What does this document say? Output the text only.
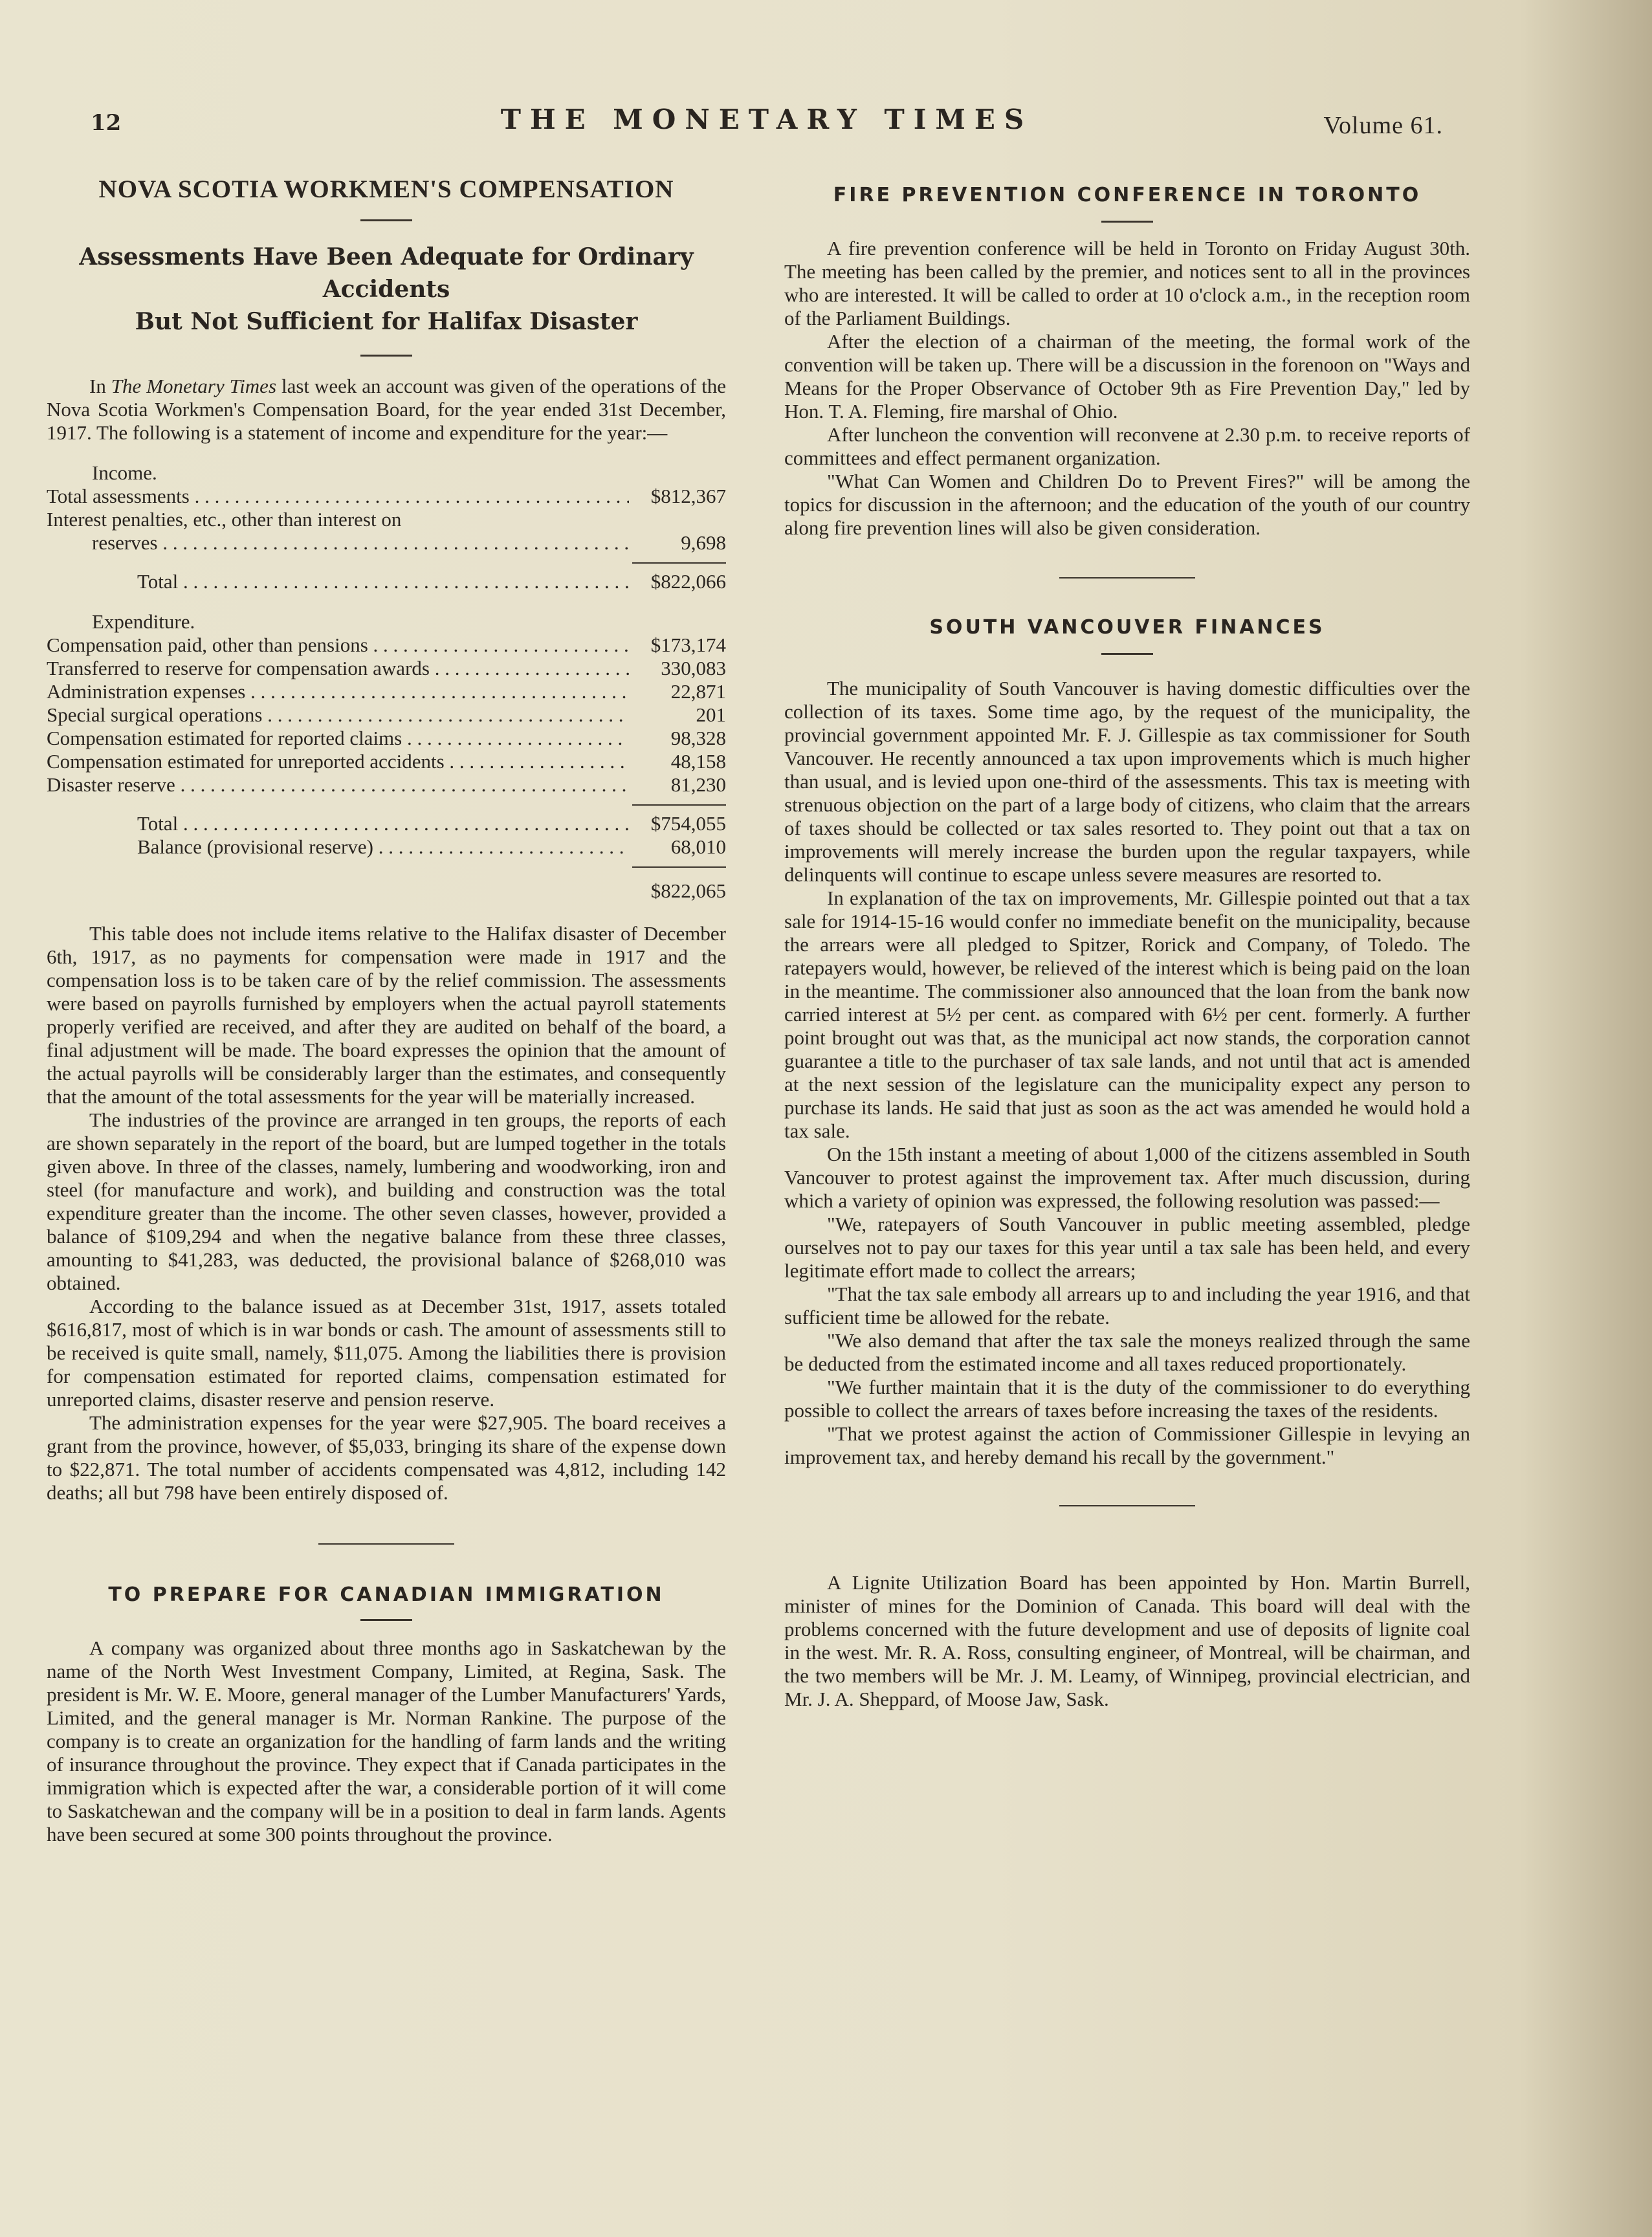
12	THE MONETARY TIMES	Volume 61.
NOVA SCOTIA WORKMEN'S COMPENSATION
Assessments Have Been Adequate for Ordinary Accidents
But Not Sufficient for Halifax Disaster

In The Monetary Times last week an account was given of the operations of the Nova Scotia Workmen's Compensation Board, for the year ended 31st December, 1917. The following is a statement of income and expenditure for the year:—

Income.
Total assessments . . .	$812,367
Interest penalties, etc., other than interest on
reserves . . .	9,698
Total . . .	$822,066
Expenditure.
Compensation paid, other than pensions . . .	$173,174
Transferred to reserve for compensation awards . . .	330,083
Administration expenses . . .	22,871
Special surgical operations . . .	201
Compensation estimated for reported claims . . .	98,328
Compensation estimated for unreported accidents . . .	48,158
Disaster reserve . . .	81,230
Total . . .	$754,055
Balance (provisional reserve) . . .	68,010
$822,065

This table does not include items relative to the Halifax disaster of December 6th, 1917, as no payments for compensation were made in 1917 and the compensation loss is to be taken care of by the relief commission. The assessments were based on payrolls furnished by employers when the actual payroll statements properly verified are received, and after they are audited on behalf of the board, a final adjustment will be made. The board expresses the opinion that the amount of the actual payrolls will be considerably larger than the estimates, and consequently that the amount of the total assessments for the year will be materially increased.

The industries of the province are arranged in ten groups, the reports of each are shown separately in the report of the board, but are lumped together in the totals given above. In three of the classes, namely, lumbering and woodworking, iron and steel (for manufacture and work), and building and construction was the total expenditure greater than the income. The other seven classes, however, provided a balance of $109,294 and when the negative balance from these three classes, amounting to $41,283, was deducted, the provisional balance of $268,010 was obtained.

According to the balance issued as at December 31st, 1917, assets totaled $616,817, most of which is in war bonds or cash. The amount of assessments still to be received is quite small, namely, $11,075. Among the liabilities there is provision for compensation estimated for reported claims, compensation estimated for unreported claims, disaster reserve and pension reserve.

The administration expenses for the year were $27,905. The board receives a grant from the province, however, of $5,033, bringing its share of the expense down to $22,871. The total number of accidents compensated was 4,812, including 142 deaths; all but 798 have been entirely disposed of.

TO PREPARE FOR CANADIAN IMMIGRATION

A company was organized about three months ago in Saskatchewan by the name of the North West Investment Company, Limited, at Regina, Sask. The president is Mr. W. E. Moore, general manager of the Lumber Manufacturers' Yards, Limited, and the general manager is Mr. Norman Rankine. The purpose of the company is to create an organization for the handling of farm lands and the writing of insurance throughout the province. They expect that if Canada participates in the immigration which is expected after the war, a considerable portion of it will come to Saskatchewan and the company will be in a position to deal in farm lands. Agents have been secured at some 300 points throughout the province.

FIRE PREVENTION CONFERENCE IN TORONTO

A fire prevention conference will be held in Toronto on Friday August 30th. The meeting has been called by the premier, and notices sent to all in the provinces who are interested. It will be called to order at 10 o'clock a.m., in the reception room of the Parliament Buildings.

After the election of a chairman of the meeting, the formal work of the convention will be taken up. There will be a discussion in the forenoon on "Ways and Means for the Proper Observance of October 9th as Fire Prevention Day," led by Hon. T. A. Fleming, fire marshal of Ohio.

After luncheon the convention will reconvene at 2.30 p.m. to receive reports of committees and effect permanent organization.

"What Can Women and Children Do to Prevent Fires?" will be among the topics for discussion in the afternoon; and the education of the youth of our country along fire prevention lines will also be given consideration.

SOUTH VANCOUVER FINANCES

The municipality of South Vancouver is having domestic difficulties over the collection of its taxes. Some time ago, by the request of the municipality, the provincial government appointed Mr. F. J. Gillespie as tax commissioner for South Vancouver. He recently announced a tax upon improvements which is much higher than usual, and is levied upon one-third of the assessments. This tax is meeting with strenuous objection on the part of a large body of citizens, who claim that the arrears of taxes should be collected or tax sales resorted to. They point out that a tax on improvements will merely increase the burden upon the regular taxpayers, while delinquents will continue to escape unless severe measures are resorted to.

In explanation of the tax on improvements, Mr. Gillespie pointed out that a tax sale for 1914-15-16 would confer no immediate benefit on the municipality, because the arrears were all pledged to Spitzer, Rorick and Company, of Toledo. The ratepayers would, however, be relieved of the interest which is being paid on the loan in the meantime. The commissioner also announced that the loan from the bank now carried interest at 5½ per cent. as compared with 6½ per cent. formerly. A further point brought out was that, as the municipal act now stands, the corporation cannot guarantee a title to the purchaser of tax sale lands, and not until that act is amended at the next session of the legislature can the municipality expect any person to purchase its lands. He said that just as soon as the act was amended he would hold a tax sale.

On the 15th instant a meeting of about 1,000 of the citizens assembled in South Vancouver to protest against the improvement tax. After much discussion, during which a variety of opinion was expressed, the following resolution was passed:—

"We, ratepayers of South Vancouver in public meeting assembled, pledge ourselves not to pay our taxes for this year until a tax sale has been held, and every legitimate effort made to collect the arrears;

"That the tax sale embody all arrears up to and including the year 1916, and that sufficient time be allowed for the rebate.

"We also demand that after the tax sale the moneys realized through the same be deducted from the estimated income and all taxes reduced proportionately.

"We further maintain that it is the duty of the commissioner to do everything possible to collect the arrears of taxes before increasing the taxes of the residents.

"That we protest against the action of Commissioner Gillespie in levying an improvement tax, and hereby demand his recall by the government."

A Lignite Utilization Board has been appointed by Hon. Martin Burrell, minister of mines for the Dominion of Canada. This board will deal with the problems concerned with the future development and use of deposits of lignite coal in the west. Mr. R. A. Ross, consulting engineer, of Montreal, will be chairman, and the two members will be Mr. J. M. Leamy, of Winnipeg, provincial electrician, and Mr. J. A. Sheppard, of Moose Jaw, Sask.
